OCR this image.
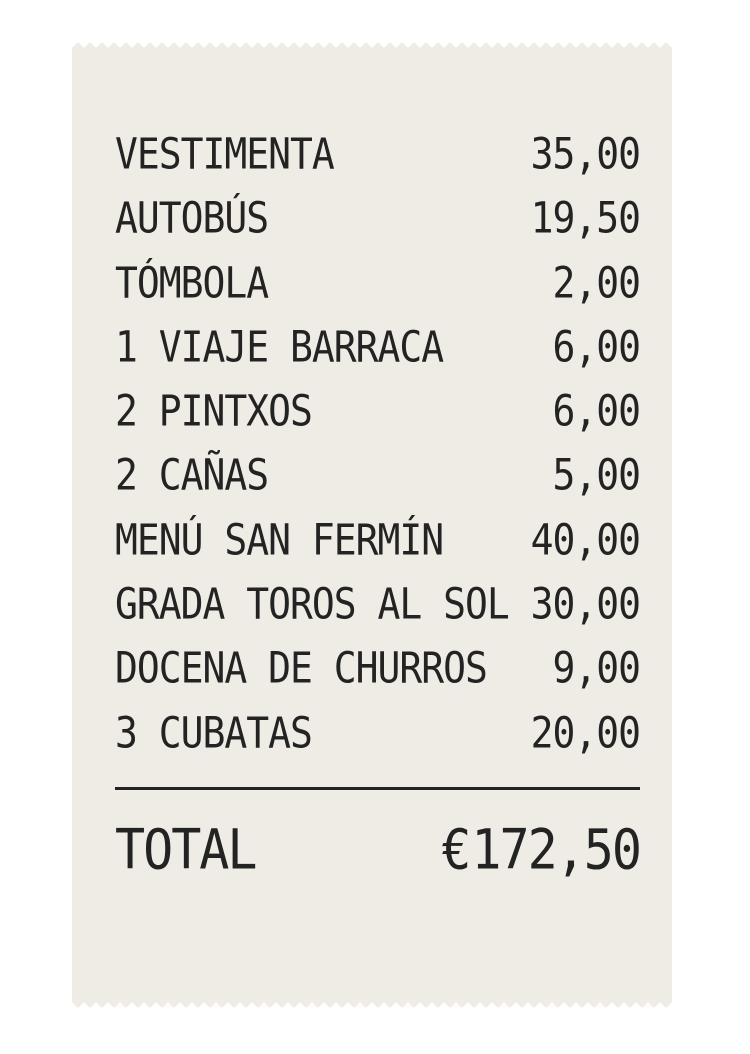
VESTIMENTA	35,00
AUTOBÚS	19,50
TÓMBOLA	2,00
1 VIAJE BARRACA	6,00
2 PINTXOS	6,00
2 CAÑAS	5,00
MENÚ SAN FERMÍN 40,00
GRADA TOROS AL SOL 30,00
DOCENA DE CHURROS 9,00
3 CUBATAS	20,00
TOTAL	€ 172,50
